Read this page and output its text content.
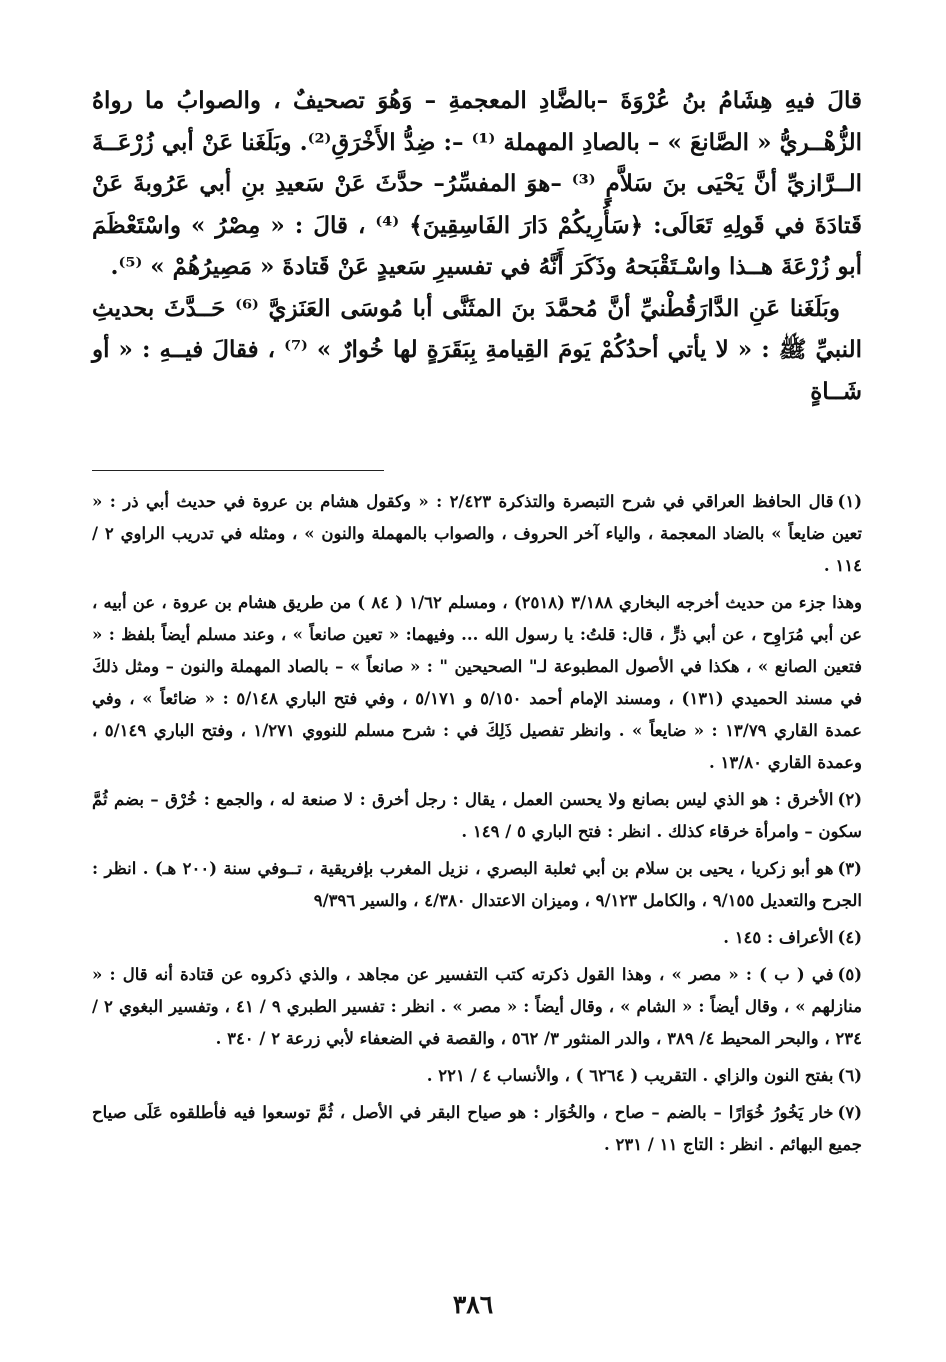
قالَ فيهِ هِشَامُ بنُ عُرْوَةَ –بالضَّادِ المعجمةِ – وَهُوَ تصحيفٌ ، والصوابُ ما رواهُ الزُّهْــريُّ « الصَّانعَ » – بالصادِ المهملة ⁽¹⁾ –: ضِدُّ الأَخْرَقِ⁽²⁾. وبَلَغَنا عَنْ أبي زُرْعَــةَ الــرَّازيِّ أنَّ يَحْيَى بنَ سَلاَّمٍ ⁽³⁾ –هوَ المفسِّرُ– حدَّثَ عَنْ سَعيدِ بنِ أبي عَرُوبةَ عَنْ قَتادَةَ في قَولِهِ تَعَالَى: ﴿سَأُرِيكُمْ دَارَ الفَاسِقِينَ﴾ ⁽⁴⁾ ، قالَ : « مِصْرُ » واسْتَعْظَمَ أبو زُرْعَةَ هــذا واسْـتَقْبَحهُ وذَكَرَ أَنَّهُ في تفسيرِ سَعيدٍ عَنْ قَتادةَ « مَصِيرُهُمْ » ⁽⁵⁾.

وبَلَغَنا عَنِ الدَّارَقُطْنيِّ أنَّ مُحمَّدَ بنَ المثَنَّى أبا مُوسَى العَنَزيَّ ⁽⁶⁾ حَــدَّثَ بحديثِ النبيِّ ﷺ : « لا يأتي أحدُكُمْ يَومَ القِيامةِ بِبَقَرَةٍ لها خُوارٌ » ⁽⁷⁾ ، فقالَ فيــهِ : « أو شَــاةٍ

(١)قال الحافظ العراقي في شرح التبصرة والتذكرة ٢/٤٢٣ : « وكقول هشام بن عروة في حديث أبي ذر : « تعين ضايعاً » بالضاد المعجمة ، والياء آخر الحروف ، والصواب بالمهملة والنون » ، ومثله في تدريب الراوي ٢ / ١١٤ .

وهذا جزء من حديث أخرجه البخاري ٣/١٨٨ (٢٥١٨) ، ومسلم ١/٦٢ ( ٨٤ ) من طريق هشام بن عروة ، عن أبيه ، عن أبي مُرَاوِح ، عن أبي ذرٍّ ، قال: قلتُ: يا رسول الله ... وفيهما: « تعين صانعاً » ، وعند مسلم أيضاً بلفظ : « فتعين الصانع » ، هكذا في الأصول المطبوعة لـ" الصحيحين " : « صانعاً » – بالصاد المهملة والنون – ومثل ذلكَ في مسند الحميدي (١٣١) ، ومسند الإمام أحمد ٥/١٥٠ و ٥/١٧١ ، وفي فتح الباري ٥/١٤٨ : « ضائعاً » ، وفي عمدة القاري ١٣/٧٩ : « ضايعاً » . وانظر تفصيل ذَلِكَ في : شرح مسلم للنووي ١/٢٧١ ، وفتح الباري ٥/١٤٩ ، وعمدة القاري ١٣/٨٠ .

(٢)الأخرق : هو الذي ليس بصانع ولا يحسن العمل ، يقال : رجل أخرق : لا صنعة له ، والجمع : خُرْق – بضم ثُمَّ سكون – وامرأة خرقاء كذلك . انظر : فتح الباري ٥ / ١٤٩ .

(٣)هو أبو زكريا ، يحيى بن سلام بن أبي ثعلبة البصري ، نزيل المغرب بإفريقية ، تــوفي سنة (٢٠٠ هـ) . انظر : الجرح والتعديل ٩/١٥٥ ، والكامل ٩/١٢٣ ، وميزان الاعتدال ٤/٣٨٠ ، والسير ٩/٣٩٦

(٤)الأعراف : ١٤٥ .

(٥)في ( ب ) : « مصر » ، وهذا القول ذكرته كتب التفسير عن مجاهد ، والذي ذكروه عن قتادة أنه قال : « منازلهم » ، وقال أيضاً : « الشام » ، وقال أيضاً : « مصر » . انظر : تفسير الطبري ٩ / ٤١ ، وتفسير البغوي ٢ / ٢٣٤ ، والبحر المحيط ٤/ ٣٨٩ ، والدر المنثور ٣/ ٥٦٢ ، والقصة في الضعفاء لأبي زرعة ٢ / ٣٤٠ .

(٦)بفتح النون والزاي . التقريب ( ٦٢٦٤ ) ، والأنساب ٤ / ٢٢١ .

(٧)خار يَخُورُ خُوَارًا – بالضم – صاح ، والخُوَار : هو صياح البقر في الأصل ، ثُمَّ توسعوا فيه فأطلقوه عَلَى صياح جميع البهائم . انظر : التاج ١١ / ٢٣١ .

٣٨٦
